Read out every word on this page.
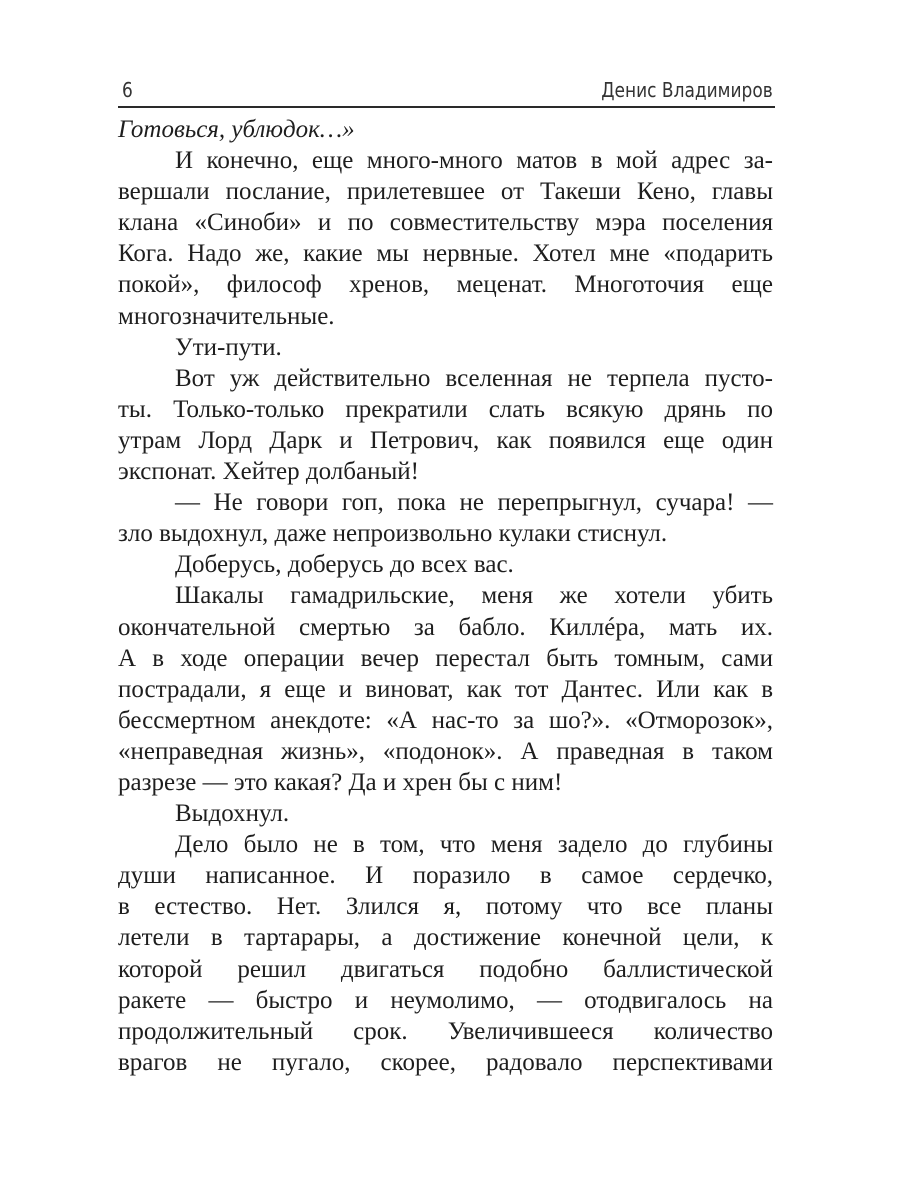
6	Денис Владимиров
Готовься, ублюдок…»
И конечно, еще много-много матов в мой адрес за-
вершали послание, прилетевшее от Такеши Кено, главы
клана «Синоби» и по совместительству мэра поселения
Кога. Надо же, какие мы нервные. Хотел мне «подарить
покой», философ хренов, меценат. Многоточия еще
многозначительные.
Ути-пути.
Вот уж действительно вселенная не терпела пусто-
ты. Только-только прекратили слать всякую дрянь по
утрам Лорд Дарк и Петрович, как появился еще один
экспонат. Хейтер долбаный!
— Не говори гоп, пока не перепрыгнул, сучара! —
зло выдохнул, даже непроизвольно кулаки стиснул.
Доберусь, доберусь до всех вас.
Шакалы гамадрильские, меня же хотели убить
окончательной смертью за бабло. Киллéра, мать их.
А в ходе операции вечер перестал быть томным, сами
пострадали, я еще и виноват, как тот Дантес. Или как в
бессмертном анекдоте: «А нас-то за шо?». «Отморозок»,
«неправедная жизнь», «подонок». А праведная в таком
разрезе — это какая? Да и хрен бы с ним!
Выдохнул.
Дело было не в том, что меня задело до глубины
души написанное. И поразило в самое сердечко,
в естество. Нет. Злился я, потому что все планы
летели в тартарары, а достижение конечной цели, к
которой решил двигаться подобно баллистической
ракете — быстро и неумолимо, — отодвигалось на
продолжительный срок. Увеличившееся количество
врагов не пугало, скорее, радовало перспективами
